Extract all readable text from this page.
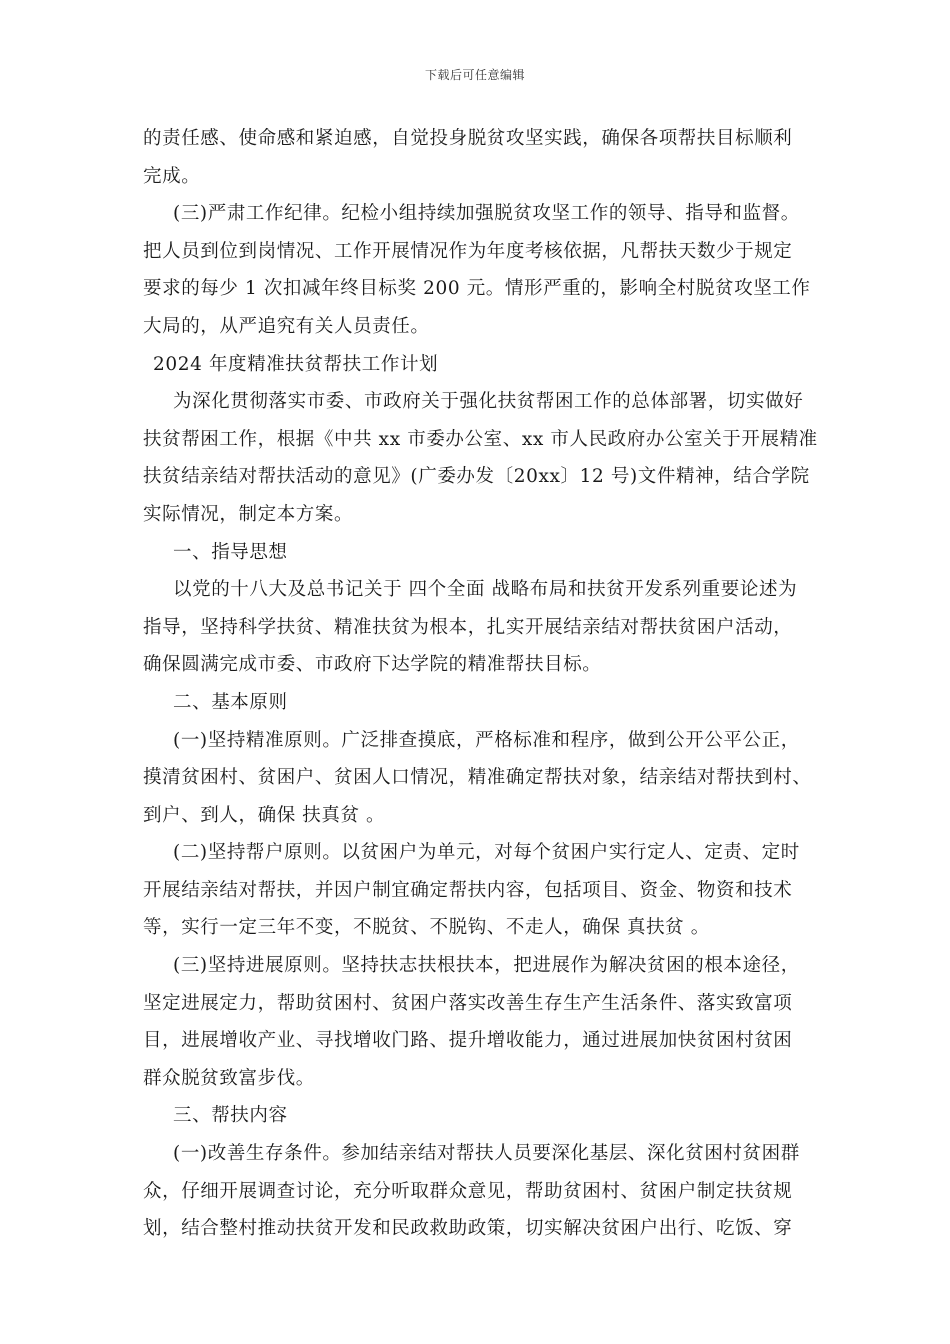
下载后可任意编辑
的责任感、使命感和紧迫感，自觉投身脱贫攻坚实践，确保各项帮扶目标顺利
完成。
(三)严肃工作纪律。纪检小组持续加强脱贫攻坚工作的领导、指导和监督。
把人员到位到岗情况、工作开展情况作为年度考核依据，凡帮扶天数少于规定
要求的每少 1 次扣减年终目标奖 200 元。情形严重的，影响全村脱贫攻坚工作
大局的，从严追究有关人员责任。
2024 年度精准扶贫帮扶工作计划
为深化贯彻落实市委、市政府关于强化扶贫帮困工作的总体部署，切实做好
扶贫帮困工作，根据《中共 xx 市委办公室、xx 市人民政府办公室关于开展精准
扶贫结亲结对帮扶活动的意见》(广委办发〔20xx〕12 号)文件精神，结合学院
实际情况，制定本方案。
一、指导思想
以党的十八大及总书记关于 四个全面 战略布局和扶贫开发系列重要论述为
指导，坚持科学扶贫、精准扶贫为根本，扎实开展结亲结对帮扶贫困户活动，
确保圆满完成市委、市政府下达学院的精准帮扶目标。
二、基本原则
(一)坚持精准原则。广泛排查摸底，严格标准和程序，做到公开公平公正，
摸清贫困村、贫困户、贫困人口情况，精准确定帮扶对象，结亲结对帮扶到村、
到户、到人，确保 扶真贫 。
(二)坚持帮户原则。以贫困户为单元，对每个贫困户实行定人、定责、定时
开展结亲结对帮扶，并因户制宜确定帮扶内容，包括项目、资金、物资和技术
等，实行一定三年不变，不脱贫、不脱钩、不走人，确保 真扶贫 。
(三)坚持进展原则。坚持扶志扶根扶本，把进展作为解决贫困的根本途径，
坚定进展定力，帮助贫困村、贫困户落实改善生存生产生活条件、落实致富项
目，进展增收产业、寻找增收门路、提升增收能力，通过进展加快贫困村贫困
群众脱贫致富步伐。
三、帮扶内容
(一)改善生存条件。参加结亲结对帮扶人员要深化基层、深化贫困村贫困群
众，仔细开展调查讨论，充分听取群众意见，帮助贫困村、贫困户制定扶贫规
划，结合整村推动扶贫开发和民政救助政策，切实解决贫困户出行、吃饭、穿
